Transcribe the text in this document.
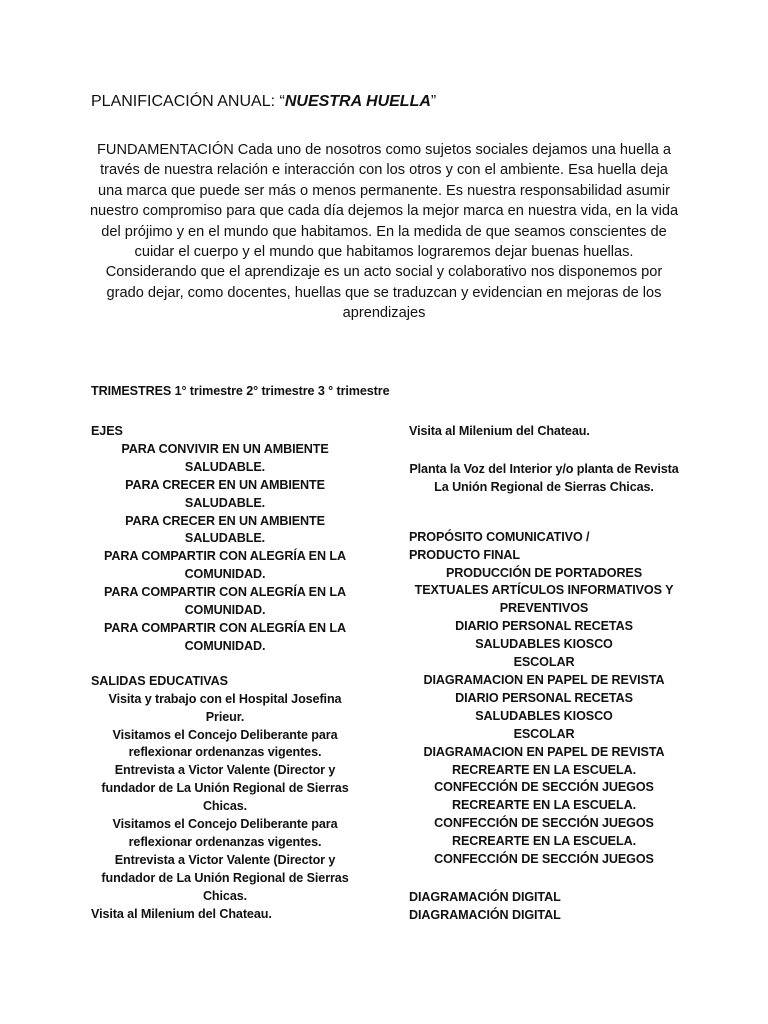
PLANIFICACIÓN ANUAL: “NUESTRA HUELLA”
FUNDAMENTACIÓN Cada uno de nosotros como sujetos sociales dejamos una huella a través de nuestra relación e interacción con los otros y con el ambiente. Esa huella deja una marca que puede ser más o menos permanente. Es nuestra responsabilidad asumir nuestro compromiso para que cada día dejemos la mejor marca en nuestra vida, en la vida del prójimo y en el mundo que habitamos. En la medida de que seamos conscientes de cuidar el cuerpo y el mundo que habitamos lograremos dejar buenas huellas. Considerando que el aprendizaje es un acto social y colaborativo nos disponemos por grado dejar, como docentes, huellas que se traduzcan y evidencian en mejoras de los aprendizajes
TRIMESTRES 1° trimestre 2° trimestre 3 ° trimestre
EJES
PARA CONVIVIR EN UN AMBIENTE SALUDABLE.
PARA CRECER EN UN AMBIENTE SALUDABLE.
PARA CRECER EN UN AMBIENTE SALUDABLE.
PARA COMPARTIR CON ALEGRÍA EN LA COMUNIDAD.
PARA COMPARTIR CON ALEGRÍA EN LA COMUNIDAD.
PARA COMPARTIR CON ALEGRÍA EN LA COMUNIDAD.
SALIDAS EDUCATIVAS
Visita y trabajo con el Hospital Josefina Prieur.
Visitamos el Concejo Deliberante para reflexionar ordenanzas vigentes.
Entrevista a Victor Valente (Director y fundador de La Unión Regional de Sierras Chicas.
Visitamos el Concejo Deliberante para reflexionar ordenanzas vigentes.
Entrevista a Victor Valente (Director y fundador de La Unión Regional de Sierras Chicas.
Visita al Milenium del Chateau.
Visita al Milenium del Chateau.
Planta la Voz del Interior y/o planta de Revista La Unión Regional de Sierras Chicas.
PROPÓSITO COMUNICATIVO / PRODUCTO FINAL
PRODUCCIÓN DE PORTADORES TEXTUALES ARTÍCULOS INFORMATIVOS Y PREVENTIVOS
DIARIO PERSONAL RECETAS SALUDABLES KIOSCO ESCOLAR
DIAGRAMACION EN PAPEL DE REVISTA
DIARIO PERSONAL RECETAS SALUDABLES KIOSCO ESCOLAR
DIAGRAMACION EN PAPEL DE REVISTA
RECREARTE EN LA ESCUELA.
CONFECCIÓN DE SECCIÓN JUEGOS
RECREARTE EN LA ESCUELA.
CONFECCIÓN DE SECCIÓN JUEGOS
RECREARTE EN LA ESCUELA.
CONFECCIÓN DE SECCIÓN JUEGOS
DIAGRAMACIÓN DIGITAL
DIAGRAMACIÓN DIGITAL
